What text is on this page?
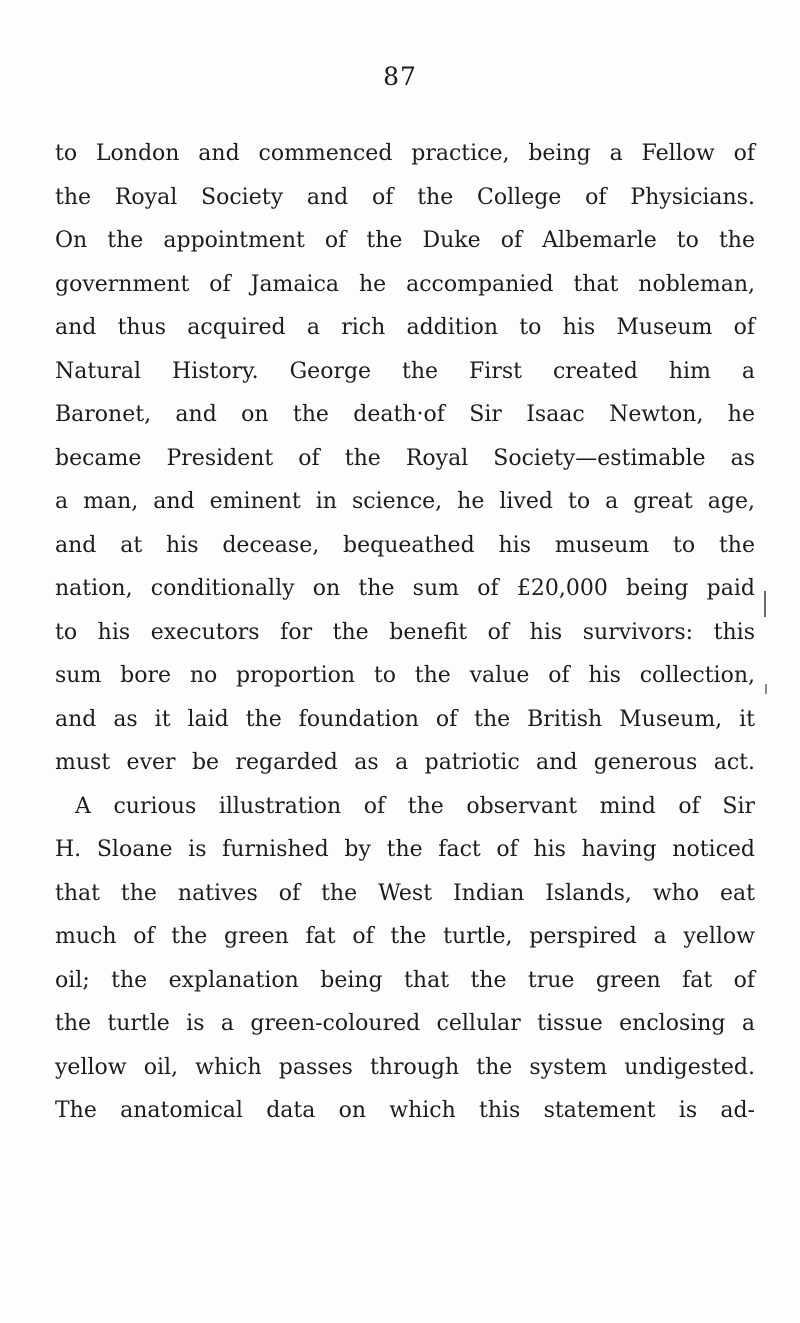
87
to London and commenced practice, being a Fellow of
the Royal Society and of the College of Physicians.
On the appointment of the Duke of Albemarle to the
government of Jamaica he accompanied that nobleman,
and thus acquired a rich addition to his Museum of
Natural History. George the First created him a
Baronet, and on the death·of Sir Isaac Newton, he
became President of the Royal Society—estimable as
a man, and eminent in science, he lived to a great age,
and at his decease, bequeathed his museum to the
nation, conditionally on the sum of £20,000 being paid
to his executors for the benefit of his survivors: this
sum bore no proportion to the value of his collection,
and as it laid the foundation of the British Museum, it
must ever be regarded as a patriotic and generous act.
A curious illustration of the observant mind of Sir
H. Sloane is furnished by the fact of his having noticed
that the natives of the West Indian Islands, who eat
much of the green fat of the turtle, perspired a yellow
oil; the explanation being that the true green fat of
the turtle is a green-coloured cellular tissue enclosing a
yellow oil, which passes through the system undigested.
The anatomical data on which this statement is ad-
